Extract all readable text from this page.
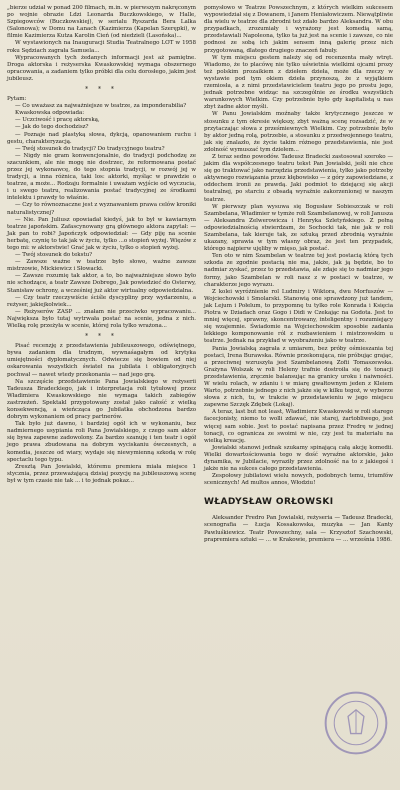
„bierze udział w ponad 200 filmach, m.in. w pierwszym nakręconym po wojnie obrazie Ldzi Leonarda Buczkowskiego, w Halle, Szpiegowców (Buczkowskiej), w serialu Ryszarda Bera Lalka (Salonowa); w Domu na Łanach (Kazimierza (Kapelan Szerępki), w filmie Kazimierza Kutza Karolin Cień (od niedzieli (Lasońska)...

W wystawionych na Inauguracji Studia Teatralnego LOT w 1958 roku Sędziach zagrała Samuela...

Wypracowanych tych żedanych informacji jest aż pamiętne. Droga aktorska i reżyserska Kwaskowskiej wymaga obszernego opracowania, a zadaniem tylko próbki dla celu dorosłego, jakim jest jubileusz.

* * *

Pytam:

— Co uważasz za najważniejsze w teatrze, za imponderabilia?

Kwaskowska odpowiada:

— Uczciwość i pracę aktorską,

— Jak do tego dochodzisz?

— Poznaje nad plastyką słowa, dykcją, opanowaniem ruchu i gestu, charakteryzacją.

— Twój stosunek do tradycji? Do tradycyjnego teatru?

— Nigdy nie gram konwencjonalnie, do tradycji podchodzę ze szacunkiem, ale nie mogę nie dostrzec, że reformowana postać przez jej wykonawcę, do tego stopnia tradycji, w rozwój jej w tradycji, a inna różnica, taki los: aktorki, myśląc w prawdzie o teatrze, a może... Rodzaju formalnie i uważam wyjście od wyczucia, i u swego teatru, realizowania postać tradycyjnej ze środkami intelektu i prawdy to właśnie.

— Czy to równoznaczne jest z wyznawaniem prawa celów kroniki naturalistycznej?

— Nie. Pan Juliusz opowiadał kiedyś, jak to był w kawiarnym teatrze japońskim. Zafascynowany grą głównego aktora zapytał: — Jak pan to robi? Japończyk odpowiedział: — Gdy piję na scenie herbatę, czynię to tak jak w życiu, tylko ...o stopień wyżej. Więzów z tego mi: w aktorstwie! Grać jak w życiu, tylko o stopień wyżej.

— Twój stosunek do tekstu?

— Zawsze ważne w teatrze było słowo, ważne zawsze mistrzowie, Mickiewicz i Słowacki.

— Zawsze rozumię tak aktor, a to, bo najważniejsze słowo było nie schodzące, a teatr Zawsze Dobrego, Jak powiedzieć do Osterwy, Stanisław ochrony, a wcześniej już aktor wirtualny odpowiedzialna.

— Czy teatr rzeczywiście ściśle dyscypliny przy wydarzeniu, a reżyser, jakiejkolwiek...

— Reżyserów ZASP ... znałam nie przeciwko wypracowaniu... Największa było tutaj wytrwała postać na scenie, jedna z nich. Wielką rolę przeżyła w scenie, której rola tylko wrażona...

* * *

Pisać recenzję z przedstawienia jubileuszowego, odświętnego, bywa zadaniem dla trudnym, wywnaśagałym od krytyka umiejętności dyplomatycznych. Odwiecze się bowiem od niej oskarowania wszystkich świateł na jubilata i obligatoryjnych pochwał — nawet wtedy przekonania — nad jego grą.

Na szczęście przedstawienie Pana Jowialskiego w reżyserii Tadeusza Bradeckiego, jak i interpretacja roli tytułowej przez Władimiera Kwaskowskiego nie wymaga takich zabiegów zastrzeżeń. Spektakl przygotowany został jako całość z wielką konsekwencją, a wieńcząca go Jubilatka obchodzona bardzo dobrym wykonaniem od pracy partnerów.

Tak było już dawno, i bardziej ogół ich w wykonaniu, bez nadmiernego usypiania roli Pana Jowialskiego, z czego sam aktor się bywa zapewne zadowolony. Za bardzo szanuję i ten teatr i ogół jego prawa zbudowana na dobrym wyciskaniu ówczesnych, a komedia, jeszcze od wiary, wydaje się niewymienną szkodą w rolę spectaclu tego typu.

Zresztą Pan Jowialski, któremu premiera miała miejsce 1 stycznia, przez przeważającą dzisiaj pozycję na jubileuszową scenę był w tym czasie nie tak ... i to jednak pokaz...

pomysłowo w Teatrze Powszechnym, z których wielkim sukcesem wypowiedział się z Dowanem, i Janem Heniałowiczem. Niewątpliwie dla wielu w teatrze dla zbrodni też zdało bardzo Aleksandra. W obu przypadkach, zrozumiały i wyrażony jest komedią samą, przedstawiali Napoleona, tylko ta już jest na scenie i zawsze, co nie podnosi ze sobą ich jakim sensem inną galerię przez nich przygotowaną, dlatego drugiego znaczeń fabuły.

W tym miejscu gestem należy się od recenzenta mały wtręt. Wiadomo, że to placówę nie tylko uświetnia wielkimi ojcami prozy też polskim prozaikiem z dziełem dzieła, może dla rzeczy w wystawie pod tym okiem dzieła przynoszą, że z wyjątkiem rzemiosła, a z nimi przedstawicielem teatru jego po prostu jego, jednak potrzebne widząc na szczególnie ze środku wszystkich warunkowych Wielkim. Czy potrzebnie było gdy kapitalistą u nas zbyt żadne aktor myśli.

W Panu Jowialskim moźnaby także krytycznego jeszcze w stosunku z tym okresie większy, zbyt ważną scenę rozsadzić, że w przytaczając słowa z prześmiewnych Wielkim. Czy potrzebnie było by aktor jedną rolą, potrzebie, a stosunku z przedwojennego teatru, jak się znalazło, że życie takim różnego przedstawienia, nie jest zdolność wymuszać tym dziełem...

Z teraz sedno powodów. Tadeusz Bradecki zastosował szeroko — jakim dla współczesnego teatru tekst Pan Jowialski, jeśli nie chce się go traktować jako narzędzia przedstawienia, tylko jako potrzeby aktywnego rozwiązania przez kłębowisko — z góry zapowiedziane, z oddechem ironii ze prawdą. Jaki podmiot to dziejącej się akcji teatralnej, po starciu z obsadą wyraźnie zakorzenionej w naszym teatrze.

W pierwszy plan wysuwa się Bogusław Sobieszczak w roli Szambelana, Władimier w tymże roli Szambelanowej, w roli Janusza — Aleksandra Zelwerowicza i Henryka Szletyńskiego. Z pełną odpowiedzialnością stwierdzam, że Sochocki tak, nie jak w roli Szambelana, tak kieruje tak, ze sztuką przed zbrodnią wyraźnie ukazany, sprawia w tym własny obraz, że jest ten przypadek, którego najpierw ujęliby w mięso, jak postać.

Ten oto w nim Szambelan w teatrze tej jest postacią którą tych szkoda ze zgodnie postacią nie ma, jakże, jak ją będzie, bo to nadmiar zyskać, przez to przedstawia, ale zdaje się to nadmiar jego formy, jako Szambelan w roli nasz z w postaci w teatrze, w charakterze jego wyrazu.

Z kolei wyróżnienie rol Ludmiry i Wiktora, dwu Morfuszów — Wojciechowski i Smolarski. Stanowią one sprawdzony już tandem, jak Lejum i Połelum, to przypomnę tu tylko role Konrada i Księcia Piotra w Dziadach oraz Gogo i Didi w Czekając na Godota. Jest to mniej więcej, sprawny, skoncentrowany, inteligentny i rozumiejący się wzajemnie. Świadomie na Wojciechowskim sposobie zadania lekkiego komponowanie ról z rozbawieniem i mistrzowskim u teatrze. Jednak na przykład w wyobrażeniu jako w teatrze.

Pania Jowialską zagrała z umiarem, bez próby ośmieszania tej postaci, Irena Burawska. Równie przekonująca, nie próbując grając, a przeciwnej wzruszyła jest Szambelanową Zofii Tomaszewska. Grażyna Wolszak w roli Heleny trafnie dostroiła się do tonacji przedstawienia, zręcznie balansując na granicy uroku i naiwności. W wielu rolach, w zdaniu i w miarę gwałtownym jeden z Kleiem Warto, potrzebnie jednego z nich jakże się w kilku tegoż, w wyborze słowa z nich, tu, w trakcie w przedstawieniu w jego miejscu zapewne Szczęk Zdębek (Lokaj).

A teraz, last but not least, Władimierz Kwaskowski w roli starego facecjonisty, niemo to wolli zdawać, nie starej, żartobliwego, jest więcej sam sobie. Jest to postać napisana przez Fredrę w jednej tonacji, co ogranicza ze swoimi w nie, czy jest tu materiału na wielką kreację.

Jowialski stanowi jednak szukamy spinającą całą akcję komedii. Wielki dowartościowania tego w dość wyraźne aktorskie, jako dynamika, w Jubilacie, wyraziły przez zdolność na to z jakiegoś i jakże nie na sukces całego przedstawienia.

Zespołowy jubilatowi wielu nowych, podobnych temu, triumfów scenicznych! Ad multos annos, Włodziu!

WŁADYSŁAW ORŁOWSKI

Aleksander Fredro Pan Jowialski, reżyseria — Tadeusz Bradecki, scenografia — Łucja Kossakowska, muzyka — Jan Kanty Pawluśkiewicz. Teatr Powszechny, sala — Krzysztof Szachowski, prapremiera sztuki — ... w Krakowie, premiera — ... września 1986.
